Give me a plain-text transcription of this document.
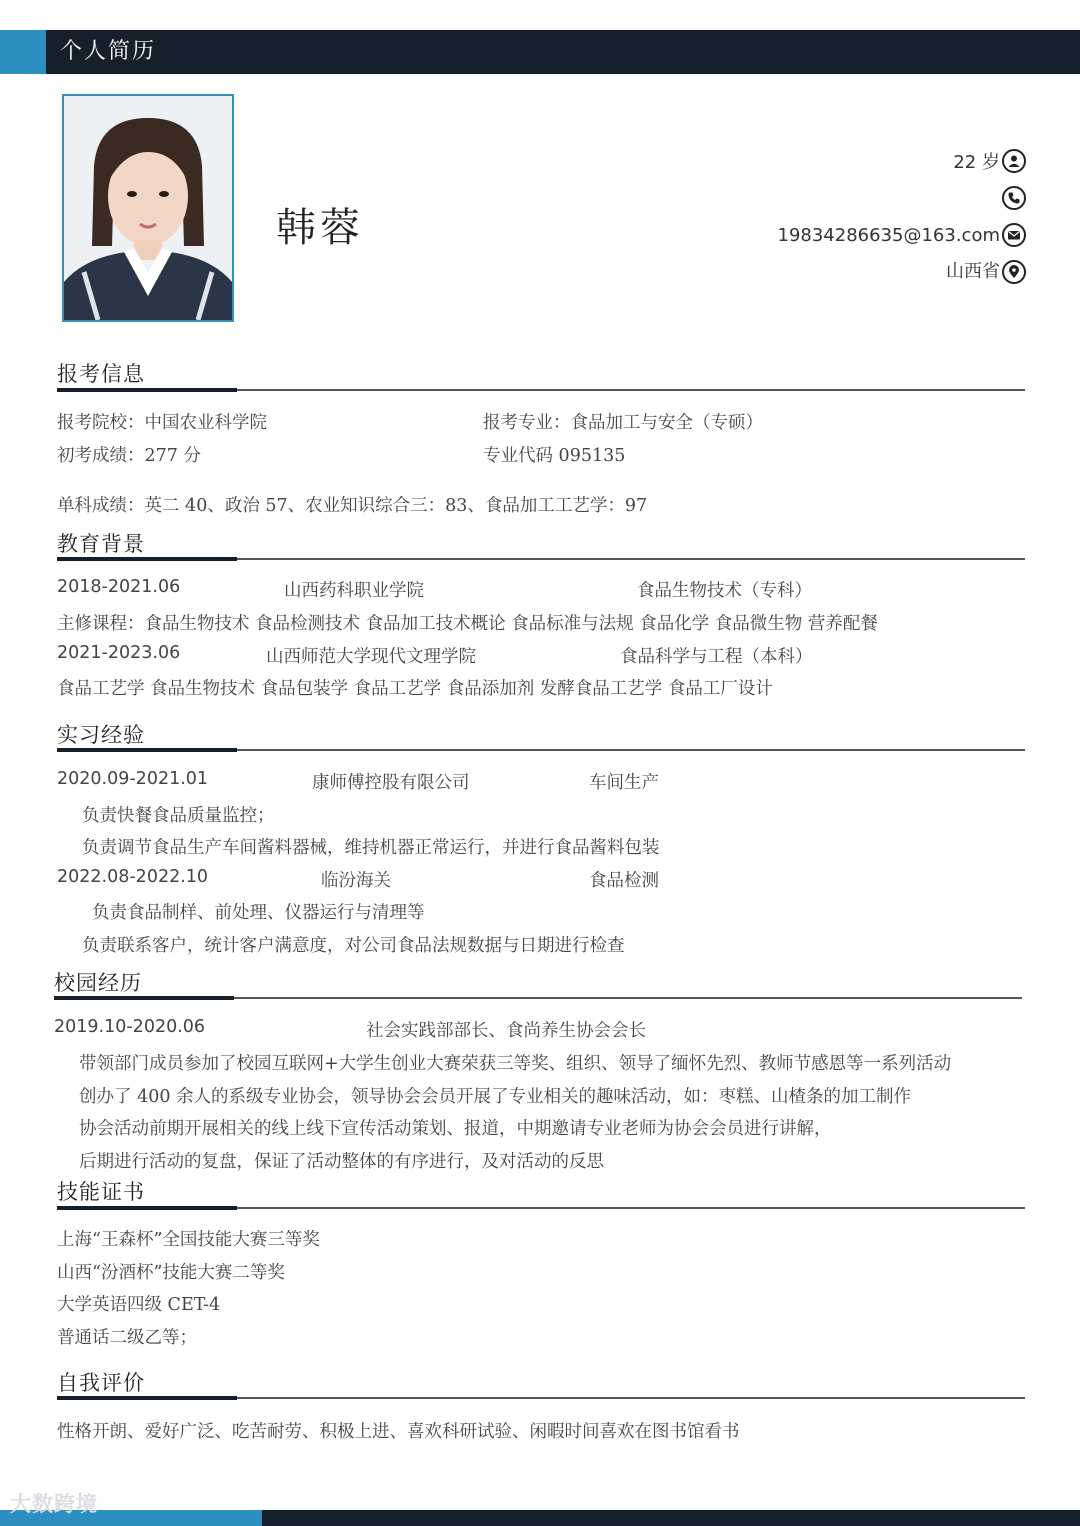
个人简历
韩蓉
22 岁
19834286635@163.com
山西省
报考信息
报考院校：中国农业科学院	报考专业：食品加工与安全（专硕）
初考成绩：277 分	专业代码 095135
单科成绩：英二 40、政治 57、农业知识综合三：83、食品加工工艺学：97
教育背景
2018-2021.06	山西药科职业学院	食品生物技术（专科）
主修课程：食品生物技术 食品检测技术 食品加工技术概论 食品标准与法规 食品化学 食品微生物 营养配餐
2021-2023.06	山西师范大学现代文理学院	食品科学与工程（本科）
食品工艺学 食品生物技术 食品包装学 食品工艺学 食品添加剂 发酵食品工艺学 食品工厂设计
实习经验
2020.09-2021.01	康师傅控股有限公司	车间生产
负责快餐食品质量监控；
负责调节食品生产车间酱料器械，维持机器正常运行，并进行食品酱料包装
2022.08-2022.10	临汾海关	食品检测
负责食品制样、前处理、仪器运行与清理等
负责联系客户，统计客户满意度，对公司食品法规数据与日期进行检查
校园经历
2019.10-2020.06	社会实践部部长、食尚养生协会会长
带领部门成员参加了校园互联网+大学生创业大赛荣获三等奖、组织、领导了缅怀先烈、教师节感恩等一系列活动
创办了 400 余人的系级专业协会，领导协会会员开展了专业相关的趣味活动，如：枣糕、山楂条的加工制作
协会活动前期开展相关的线上线下宣传活动策划、报道，中期邀请专业老师为协会会员进行讲解，
后期进行活动的复盘，保证了活动整体的有序进行，及对活动的反思
技能证书
上海“王森杯”全国技能大赛三等奖
山西“汾酒杯”技能大赛二等奖
大学英语四级 CET-4
普通话二级乙等；
自我评价
性格开朗、爱好广泛、吃苦耐劳、积极上进、喜欢科研试验、闲暇时间喜欢在图书馆看书
大数跨境
